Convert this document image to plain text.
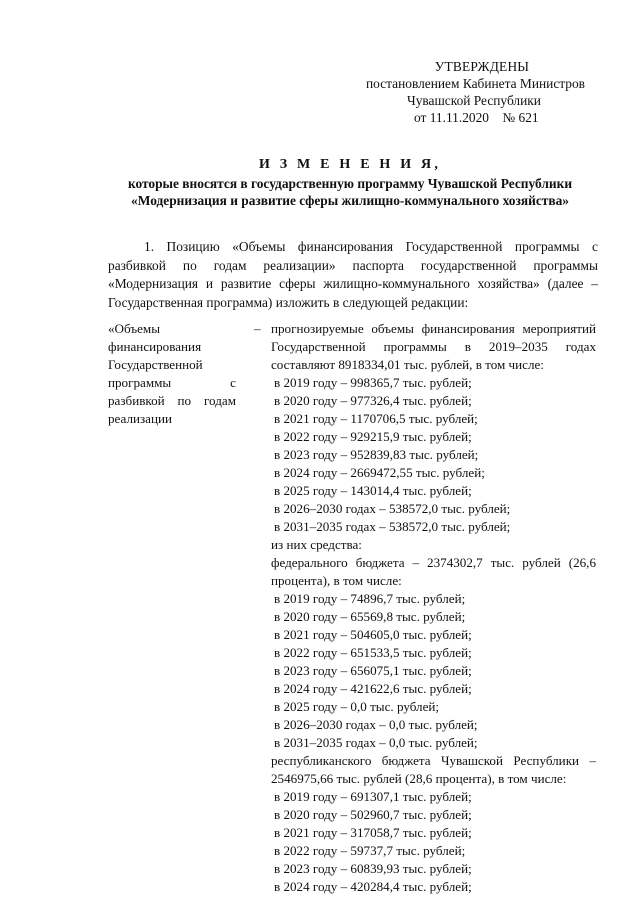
УТВЕРЖДЕНЫ
постановлением Кабинета Министров
Чувашской Республики
от 11.11.2020    № 621
И З М Е Н Е Н И Я,
которые вносятся в государственную программу Чувашской Республики
«Модернизация и развитие сферы жилищно-коммунального хозяйства»

1. Позицию «Объемы финансирования Государственной программы с разбивкой по годам реализации» паспорта государственной программы «Модернизация и развитие сферы жилищно-коммунального хозяйства» (далее – Государственная программа) изложить в следующей редакции:

«Объемы финансирования Государственной программы с разбивкой по годам реализации
– прогнозируемые объемы финансирования мероприятий Государственной программы в 2019–2035 годах составляют 8918334,01 тыс. рублей, в том числе:
в 2019 году – 998365,7 тыс. рублей;
в 2020 году – 977326,4 тыс. рублей;
в 2021 году – 1170706,5 тыс. рублей;
в 2022 году – 929215,9 тыс. рублей;
в 2023 году – 952839,83 тыс. рублей;
в 2024 году – 2669472,55 тыс. рублей;
в 2025 году – 143014,4 тыс. рублей;
в 2026–2030 годах – 538572,0 тыс. рублей;
в 2031–2035 годах – 538572,0 тыс. рублей;
из них средства:
федерального бюджета – 2374302,7 тыс. рублей (26,6 процента), в том числе:
в 2019 году – 74896,7 тыс. рублей;
в 2020 году – 65569,8 тыс. рублей;
в 2021 году – 504605,0 тыс. рублей;
в 2022 году – 651533,5 тыс. рублей;
в 2023 году – 656075,1 тыс. рублей;
в 2024 году – 421622,6 тыс. рублей;
в 2025 году – 0,0 тыс. рублей;
в 2026–2030 годах – 0,0 тыс. рублей;
в 2031–2035 годах – 0,0 тыс. рублей;
республиканского бюджета Чувашской Республики – 2546975,66 тыс. рублей (28,6 процента), в том числе:
в 2019 году – 691307,1 тыс. рублей;
в 2020 году – 502960,7 тыс. рублей;
в 2021 году – 317058,7 тыс. рублей;
в 2022 году – 59737,7 тыс. рублей;
в 2023 году – 60839,93 тыс. рублей;
в 2024 году – 420284,4 тыс. рублей;
